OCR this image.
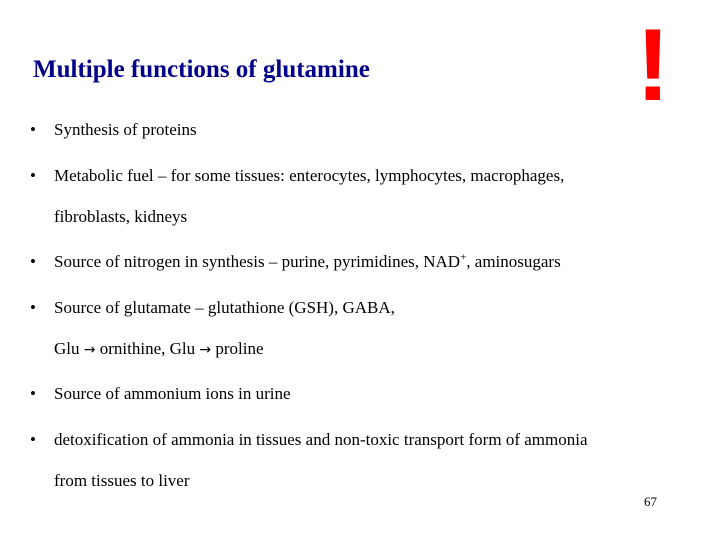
Multiple functions of glutamine	!
• Synthesis of proteins
• Metabolic fuel – for some tissues: enterocytes, lymphocytes, macrophages,
fibroblasts, kidneys
• Source of nitrogen in synthesis – purine, pyrimidines, NAD+, aminosugars
• Source of glutamate – glutathione (GSH), GABA,
Glu → ornithine, Glu → proline
• Source of ammonium ions in urine
• detoxification of ammonia in tissues and non-toxic transport form of ammonia
from tissues to liver
67
